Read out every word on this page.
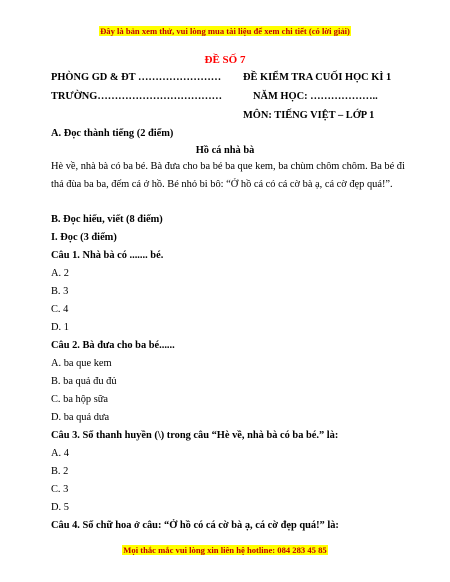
Đây là bản xem thử, vui lòng mua tài liệu để xem chi tiết (có lời giải)
ĐỀ SỐ 7
PHÒNG GD & ĐT …………………… ĐỀ KIỂM TRA CUỐI HỌC KÌ 1
TRƯỜNG………………………………	NĂM HỌC: ………………..
MÔN: TIẾNG VIỆT – LỚP 1
A. Đọc thành tiếng (2 điểm)
Hồ cá nhà bà
Hè về, nhà bà có ba bé. Bà đưa cho ba bé ba que kem, ba chùm chôm chôm. Ba bé đi thả đùa ba ba, đếm cá ở hồ. Bé nhỏ bi bô: “Ở hồ cá có cá cờ bà ạ, cá cờ đẹp quá!”.
B. Đọc hiểu, viết (8 điểm)
I. Đọc (3 điểm)
Câu 1. Nhà bà có ....... bé.
A. 2
B. 3
C. 4
D. 1
Câu 2. Bà đưa cho ba bé......
A. ba que kem
B. ba quả đu đủ
C. ba hộp sữa
D. ba quả dưa
Câu 3. Số thanh huyền (\) trong câu “Hè về, nhà bà có ba bé.” là:
A. 4
B. 2
C. 3
D. 5
Câu 4. Số chữ hoa ở câu: “Ở hồ có cá cờ bà ạ, cá cờ đẹp quá!” là:
Mọi thắc mắc vui lòng xin liên hệ hotline: 084 283 45 85
